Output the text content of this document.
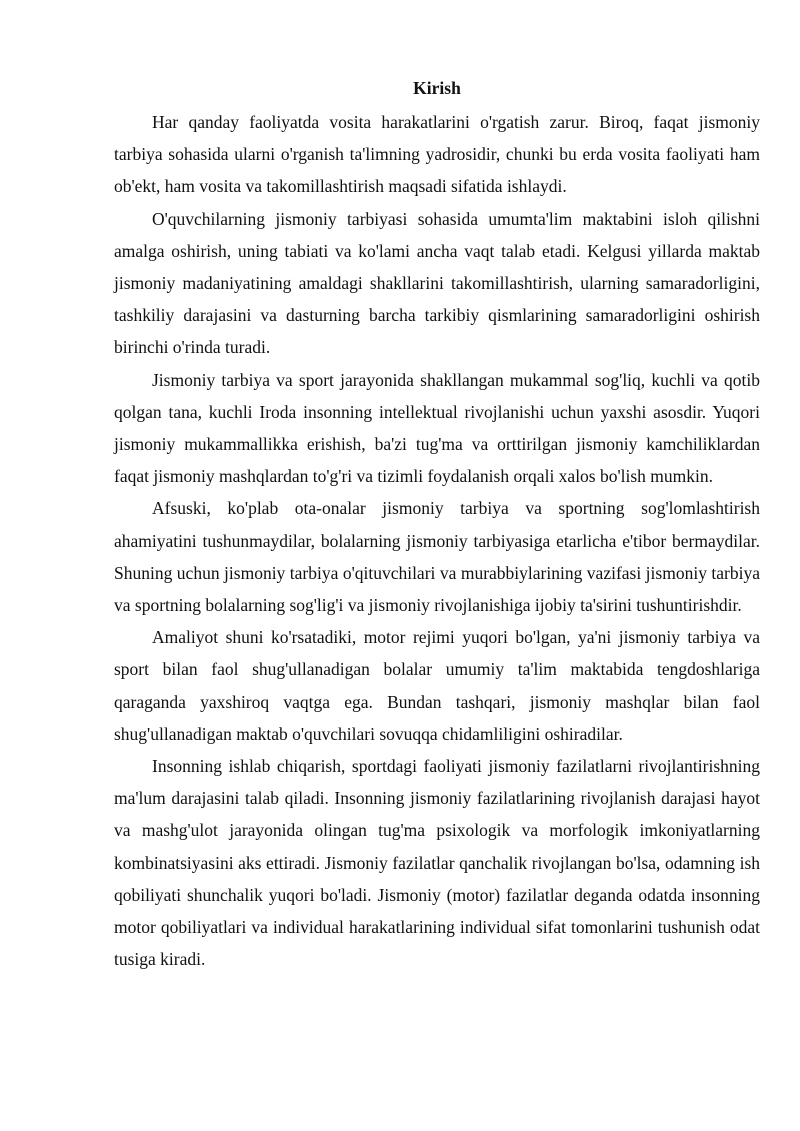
Kirish

Har qanday faoliyatda vosita harakatlarini o'rgatish zarur. Biroq, faqat jismoniy tarbiya sohasida ularni o'rganish ta'limning yadrosidir, chunki bu erda vosita faoliyati ham ob'ekt, ham vosita va takomillashtirish maqsadi sifatida ishlaydi.

O'quvchilarning jismoniy tarbiyasi sohasida umumta'lim maktabini isloh qilishni amalga oshirish, uning tabiati va ko'lami ancha vaqt talab etadi. Kelgusi yillarda maktab jismoniy madaniyatining amaldagi shakllarini takomillashtirish, ularning samaradorligini, tashkiliy darajasini va dasturning barcha tarkibiy qismlarining samaradorligini oshirish birinchi o'rinda turadi.

Jismoniy tarbiya va sport jarayonida shakllangan mukammal sog'liq, kuchli va qotib qolgan tana, kuchli Iroda insonning intellektual rivojlanishi uchun yaxshi asosdir. Yuqori jismoniy mukammallikka erishish, ba'zi tug'ma va orttirilgan jismoniy kamchiliklardan faqat jismoniy mashqlardan to'g'ri va tizimli foydalanish orqali xalos bo'lish mumkin.

Afsuski, ko'plab ota-onalar jismoniy tarbiya va sportning sog'lomlashtirish ahamiyatini tushunmaydilar, bolalarning jismoniy tarbiyasiga etarlicha e'tibor bermaydilar. Shuning uchun jismoniy tarbiya o'qituvchilari va murabbiylarining vazifasi jismoniy tarbiya va sportning bolalarning sog'lig'i va jismoniy rivojlanishiga ijobiy ta'sirini tushuntirishdir.

Amaliyot shuni ko'rsatadiki, motor rejimi yuqori bo'lgan, ya'ni jismoniy tarbiya va sport bilan faol shug'ullanadigan bolalar umumiy ta'lim maktabida tengdoshlariga qaraganda yaxshiroq vaqtga ega. Bundan tashqari, jismoniy mashqlar bilan faol shug'ullanadigan maktab o'quvchilari sovuqqa chidamliligini oshiradilar.

Insonning ishlab chiqarish, sportdagi faoliyati jismoniy fazilatlarni rivojlantirishning ma'lum darajasini talab qiladi. Insonning jismoniy fazilatlarining rivojlanish darajasi hayot va mashg'ulot jarayonida olingan tug'ma psixologik va morfologik imkoniyatlarning kombinatsiyasini aks ettiradi. Jismoniy fazilatlar qanchalik rivojlangan bo'lsa, odamning ish qobiliyati shunchalik yuqori bo'ladi. Jismoniy (motor) fazilatlar deganda odatda insonning motor qobiliyatlari va individual harakatlarining individual sifat tomonlarini tushunish odat tusiga kiradi.
